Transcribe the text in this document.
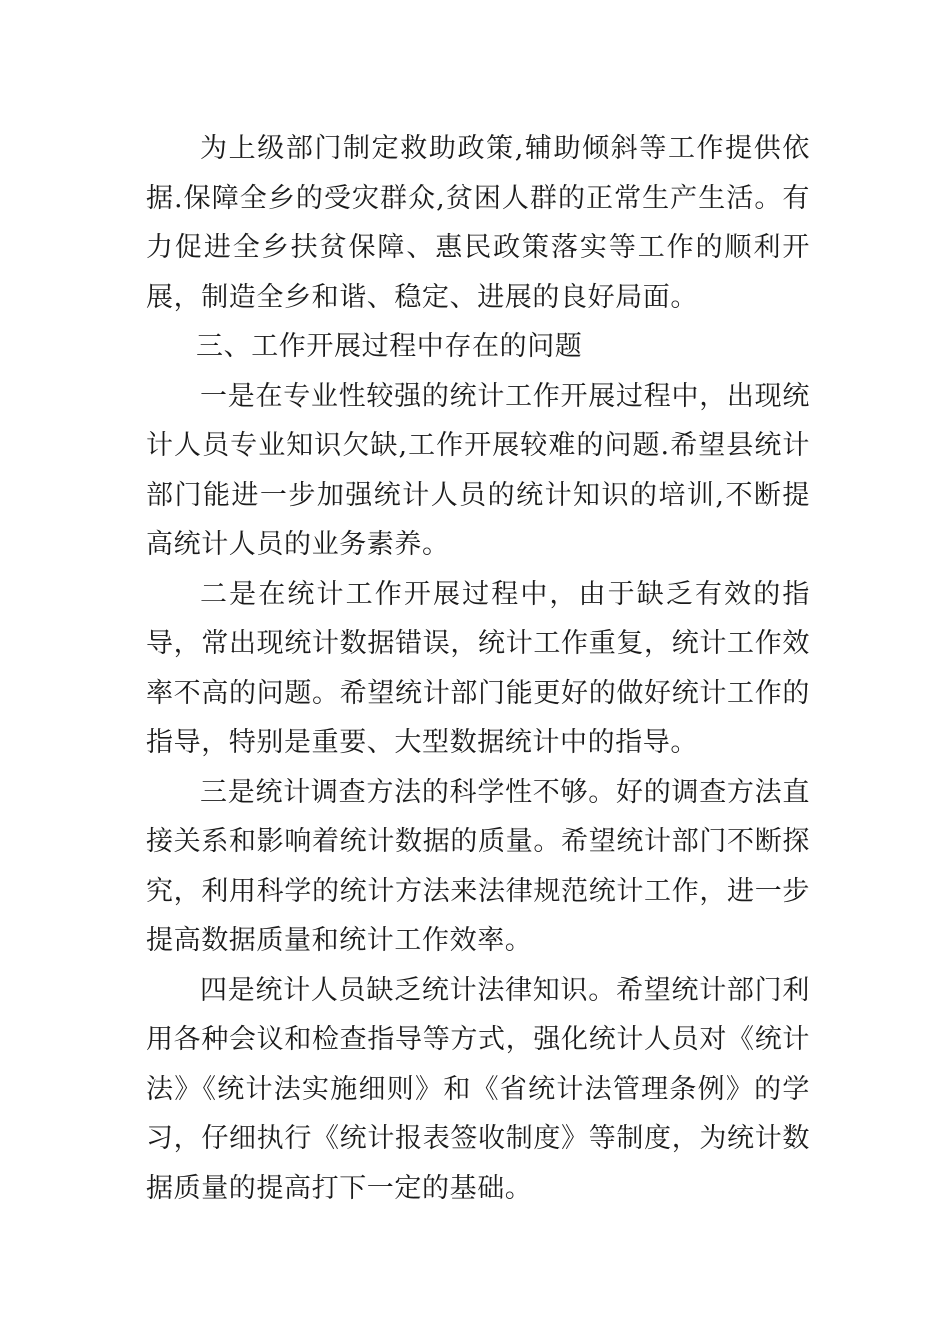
为上级部门制定救助政策,辅助倾斜等工作提供依据.保障全乡的受灾群众,贫困人群的正常生产生活。有力促进全乡扶贫保障、惠民政策落实等工作的顺利开展，制造全乡和谐、稳定、进展的良好局面。

三、工作开展过程中存在的问题

一是在专业性较强的统计工作开展过程中，出现统计人员专业知识欠缺,工作开展较难的问题.希望县统计部门能进一步加强统计人员的统计知识的培训,不断提高统计人员的业务素养。

二是在统计工作开展过程中，由于缺乏有效的指导，常出现统计数据错误，统计工作重复，统计工作效率不高的问题。希望统计部门能更好的做好统计工作的指导，特别是重要、大型数据统计中的指导。

三是统计调查方法的科学性不够。好的调查方法直接关系和影响着统计数据的质量。希望统计部门不断探究，利用科学的统计方法来法律规范统计工作，进一步提高数据质量和统计工作效率。

四是统计人员缺乏统计法律知识。希望统计部门利用各种会议和检查指导等方式，强化统计人员对《统计法》《统计法实施细则》和《省统计法管理条例》的学习，仔细执行《统计报表签收制度》等制度，为统计数据质量的提高打下一定的基础。
